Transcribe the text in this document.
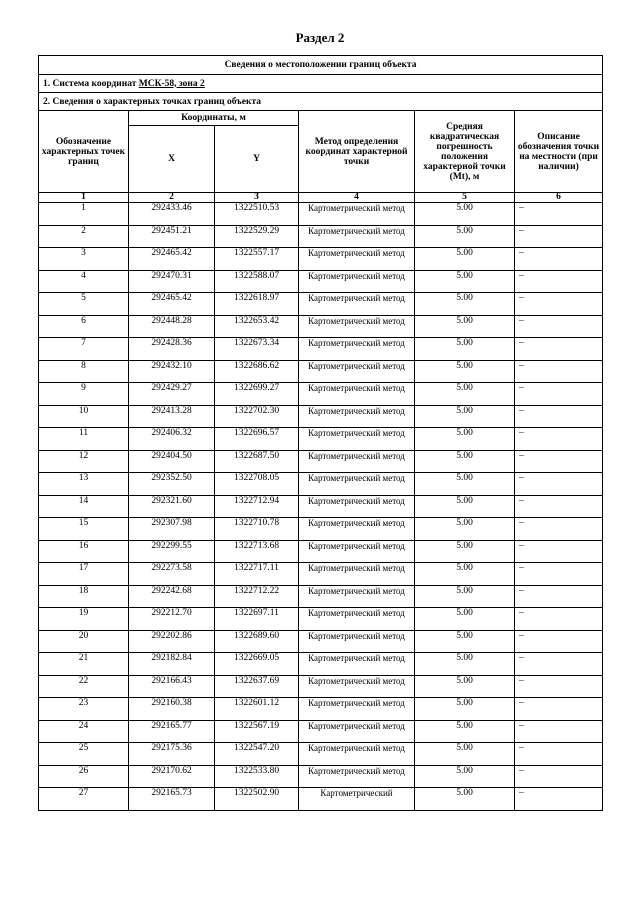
Раздел 2
Сведения о местоположении границ объекта					
1. Система координат МСК-58, зона 2					
2. Сведения о характерных точках границ объекта					
Обозначение характерных точек границ	Координаты, м		Метод определения координат характерной точки	Средняя квадратическая погрешность положения характерной точки (Mt), м	Описание обозначения точки на местности (при наличии)
	X	Y			
1	2	3	4	5	6
1	292433.46	1322510.53	Картометрический метод	5.00	–
2	292451.21	1322529.29	Картометрический метод	5.00	–
3	292465.42	1322557.17	Картометрический метод	5.00	–
4	292470.31	1322588.07	Картометрический метод	5.00	–
5	292465.42	1322618.97	Картометрический метод	5.00	–
6	292448.28	1322653.42	Картометрический метод	5.00	–
7	292428.36	1322673.34	Картометрический метод	5.00	–
8	292432.10	1322686.62	Картометрический метод	5.00	–
9	292429.27	1322699.27	Картометрический метод	5.00	–
10	292413.28	1322702.30	Картометрический метод	5.00	–
11	292406.32	1322696.57	Картометрический метод	5.00	–
12	292404.50	1322687.50	Картометрический метод	5.00	–
13	292352.50	1322708.05	Картометрический метод	5.00	–
14	292321.60	1322712.94	Картометрический метод	5.00	–
15	292307.98	1322710.78	Картометрический метод	5.00	–
16	292299.55	1322713.68	Картометрический метод	5.00	–
17	292273.58	1322717.11	Картометрический метод	5.00	–
18	292242.68	1322712.22	Картометрический метод	5.00	–
19	292212.70	1322697.11	Картометрический метод	5.00	–
20	292202.86	1322689.60	Картометрический метод	5.00	–
21	292182.84	1322669.05	Картометрический метод	5.00	–
22	292166.43	1322637.69	Картометрический метод	5.00	–
23	292160.38	1322601.12	Картометрический метод	5.00	–
24	292165.77	1322567.19	Картометрический метод	5.00	–
25	292175.36	1322547.20	Картометрический метод	5.00	–
26	292170.62	1322533.80	Картометрический метод	5.00	–
27	292165.73	1322502.90	Картометрический	5.00	–
